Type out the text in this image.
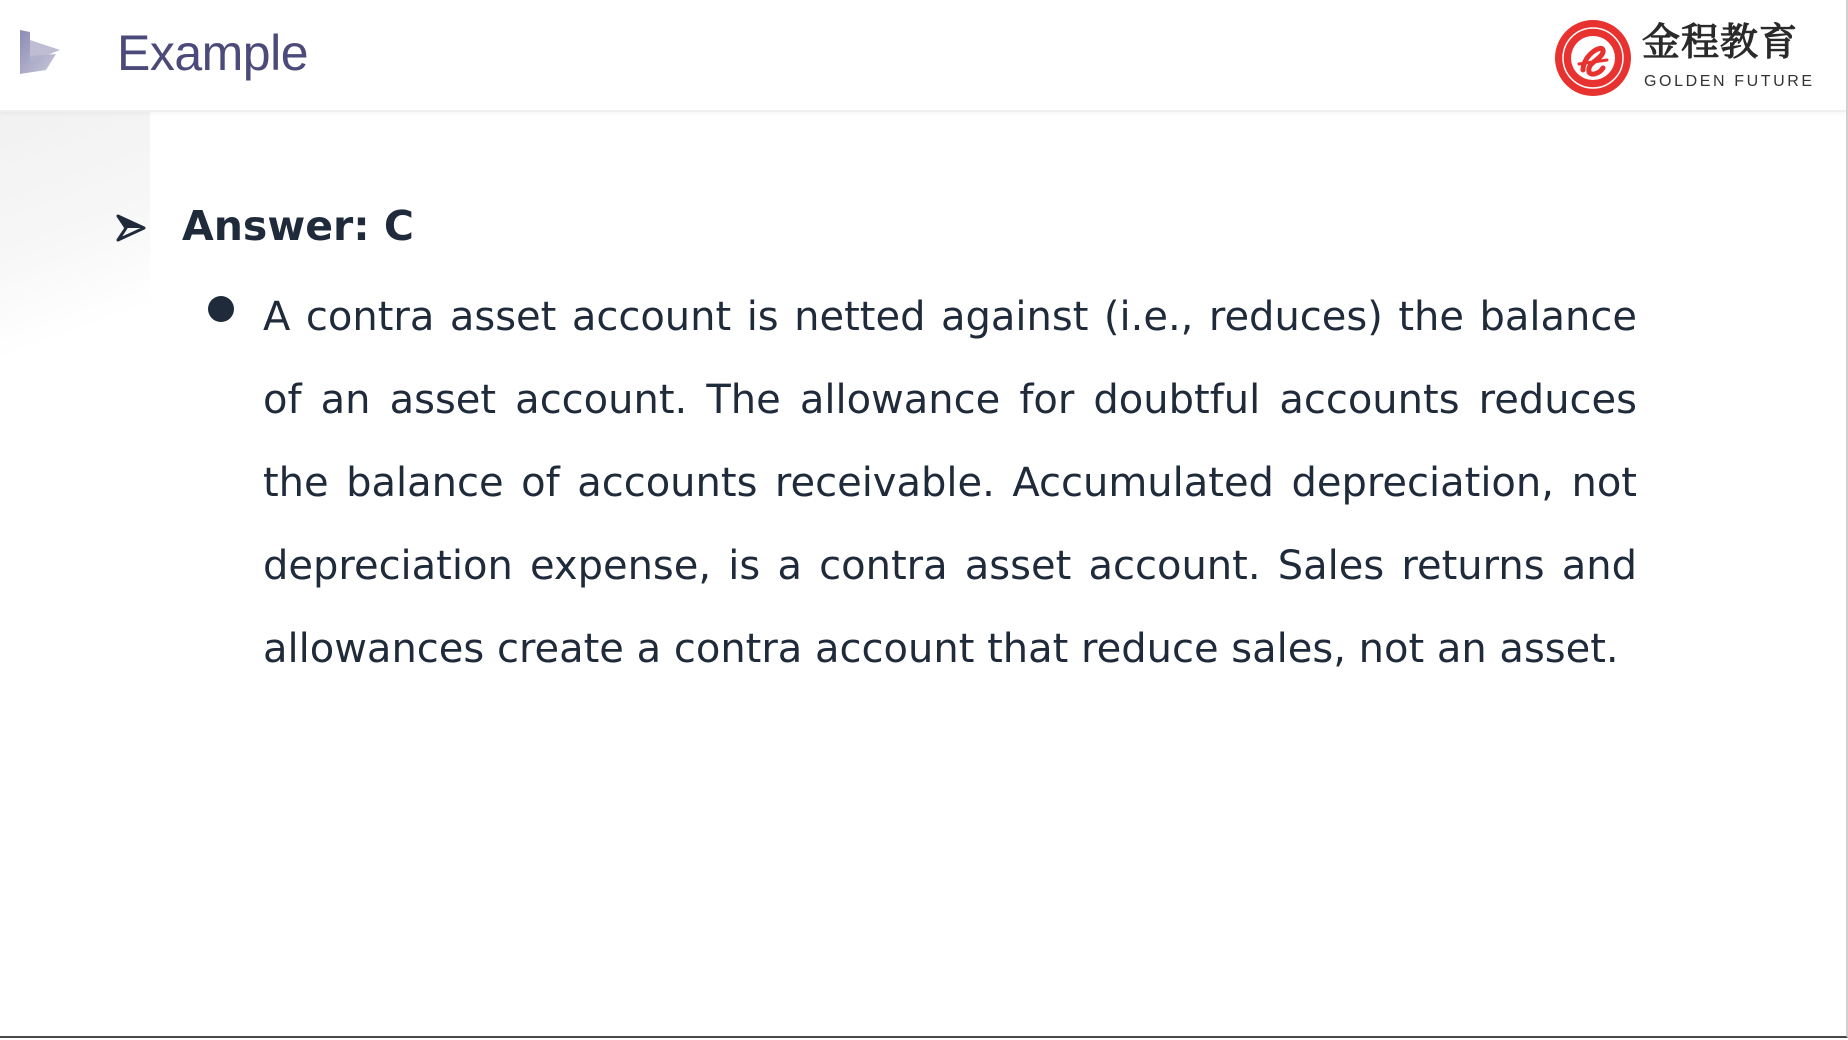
Example	金程教育
GOLDEN FUTURE
Answer: C

A contra asset account is netted against (i.e., reduces) the balance of an asset account. The allowance for doubtful accounts reduces the balance of accounts receivable. Accumulated depreciation, not depreciation expense, is a contra asset account. Sales returns and allowances create a contra account that reduce sales, not an asset.
